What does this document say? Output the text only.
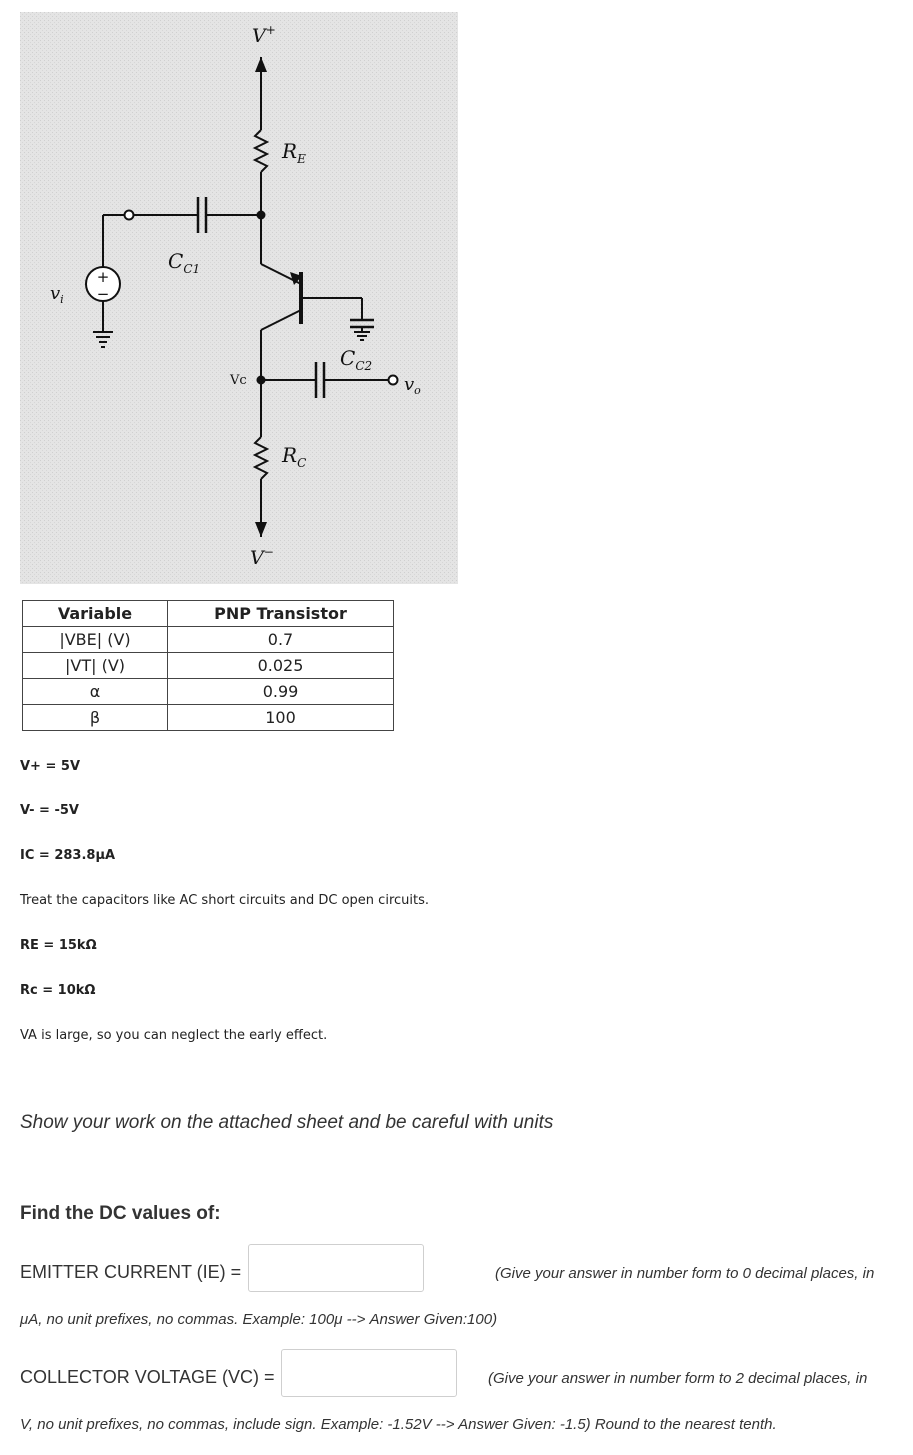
V+
$R_E$
$C_{C1}$
$v_i$
$C_{C2}$
Vc	$v_o$
$R_C$
V−
+
−
Variable	PNP Transistor
|VBE| (V)	0.7
|VT| (V)	0.025
α	0.99
β	100
V+ = 5V
V- = -5V
IC = 283.8μA
Treat the capacitors like AC short circuits and DC open circuits.
RE = 15kΩ
Rc = 10kΩ
VA is large, so you can neglect the early effect.
Show your work on the attached sheet and be careful with units
Find the DC values of:
EMITTER CURRENT (IE) =	(Give your answer in number form to 0 decimal places, in
μA, no unit prefixes, no commas. Example: 100μ --> Answer Given:100)
COLLECTOR VOLTAGE (VC) =	(Give your answer in number form to 2 decimal places, in
V, no unit prefixes, no commas, include sign. Example: -1.52V --> Answer Given: -1.5) Round to the nearest tenth.
